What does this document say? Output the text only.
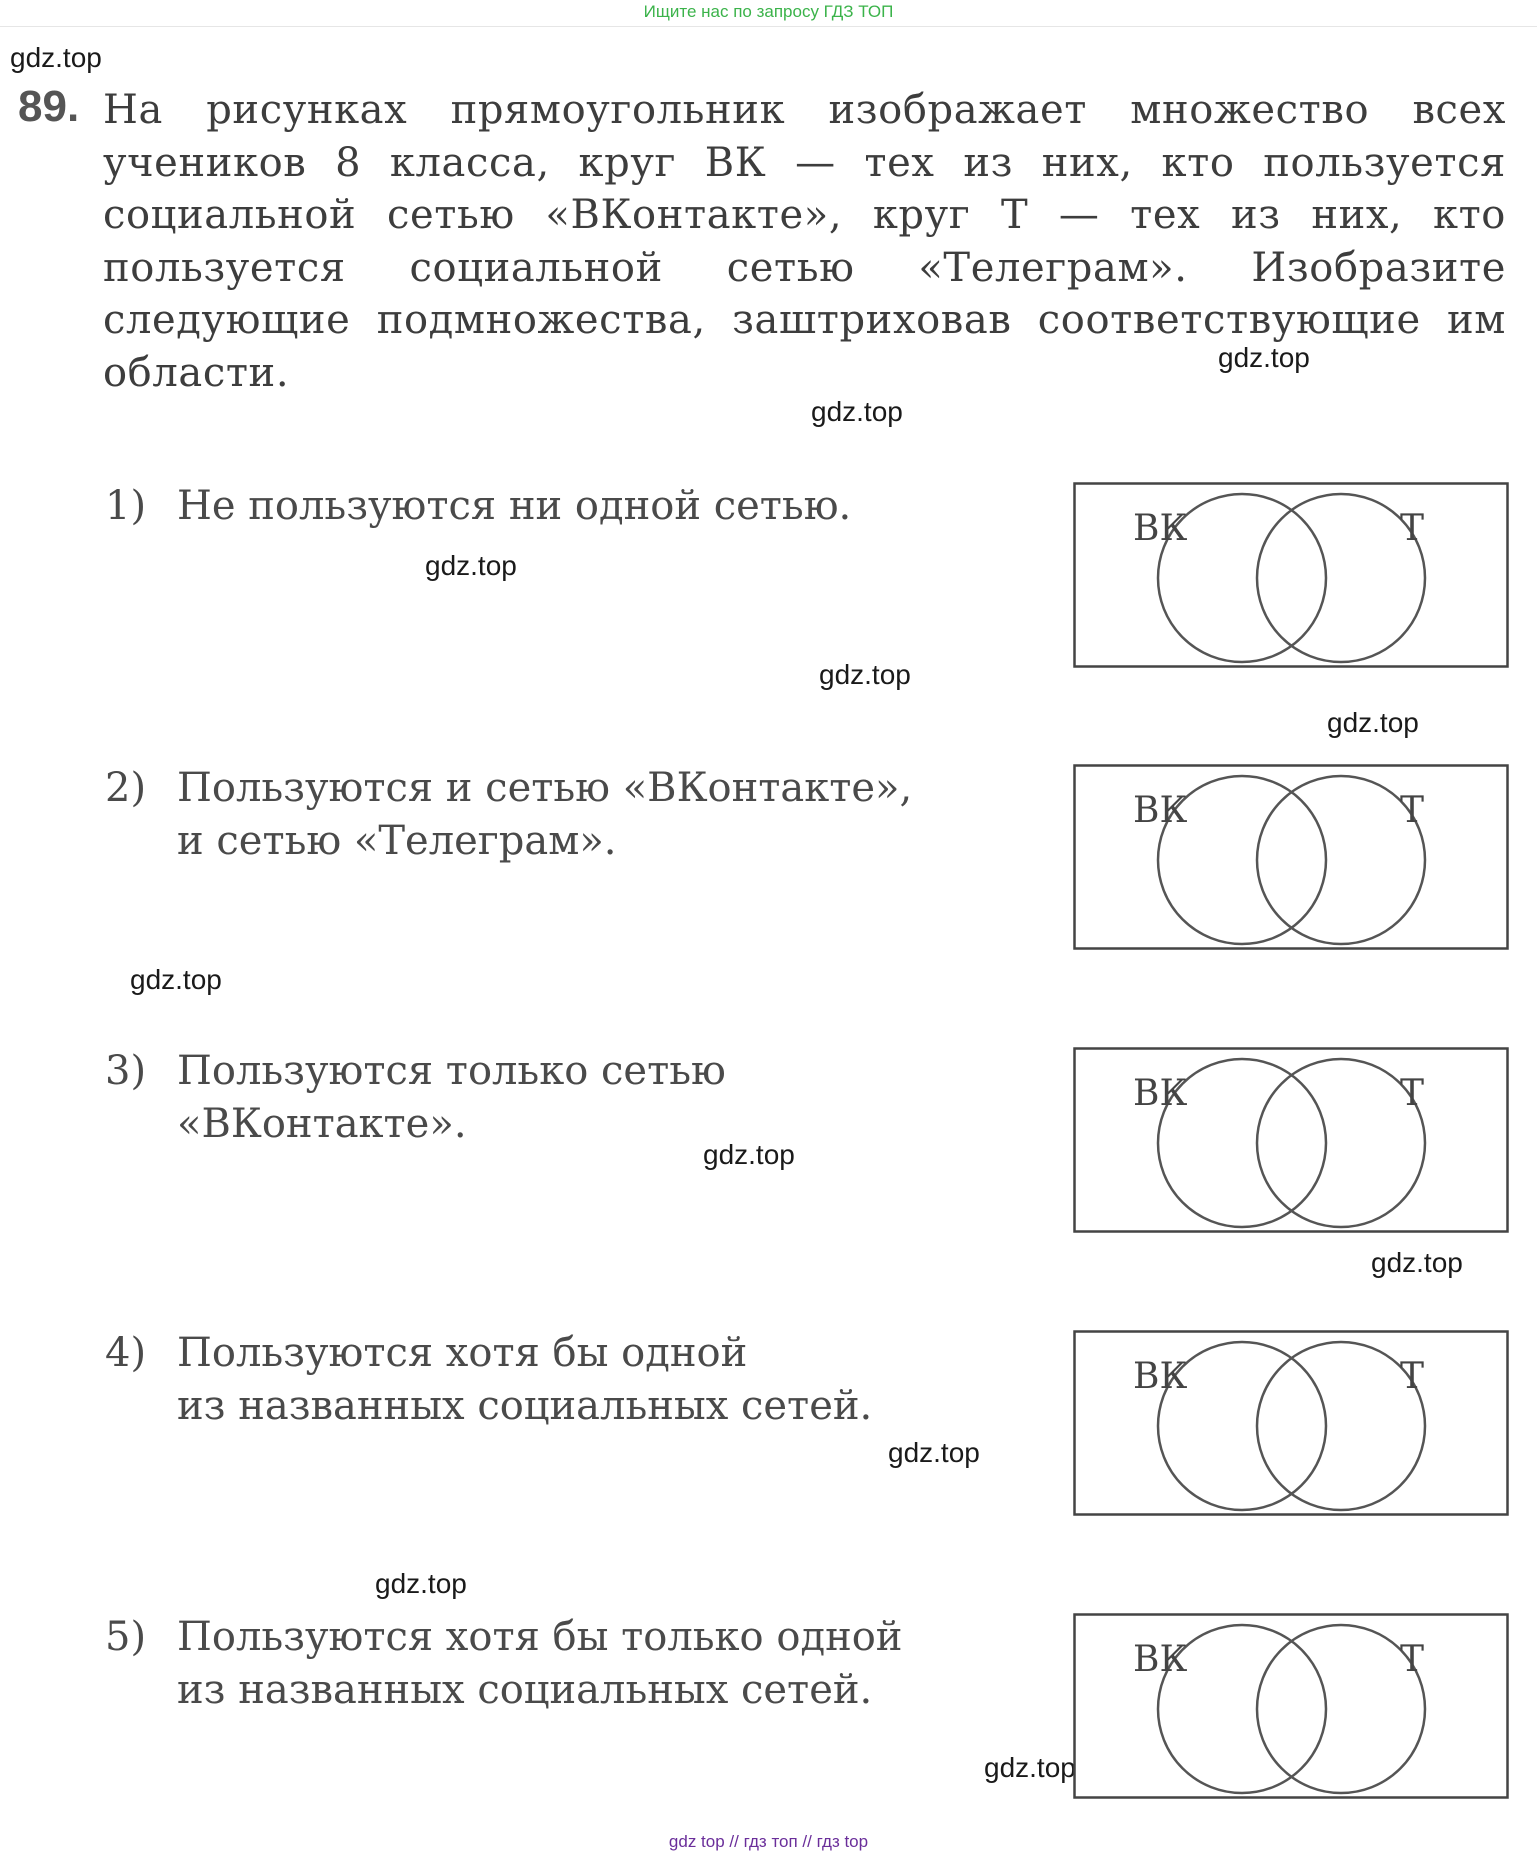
Ищите нас по запросу ГДЗ ТОП
gdz.top
gdz.top
gdz.top
gdz.top
gdz.top
gdz.top
gdz.top
gdz.top
gdz.top
gdz.top
gdz.top
gdz.top
89. На рисунках прямоугольник изображает множество всех учеников 8 класса, круг ВК — тех из них, кто пользуется социальной сетью «ВКонтакте», круг Т — тех из них, кто пользуется социальной сетью «Телеграм». Изобразите следующие подмножества, заштриховав соответствующие им области.
1) Не пользуются ни одной сетью.
2) Пользуются и сетью «ВКонтакте»,
и сетью «Телеграм».
3) Пользуются только сетью
«ВКонтакте».
4) Пользуются хотя бы одной
из названных социальных сетей.
5) Пользуются хотя бы только одной
из названных социальных сетей.
ВК	Т
ВК	Т
ВК	Т
ВК	Т
ВК	Т
gdz top // гдз топ // гдз top
